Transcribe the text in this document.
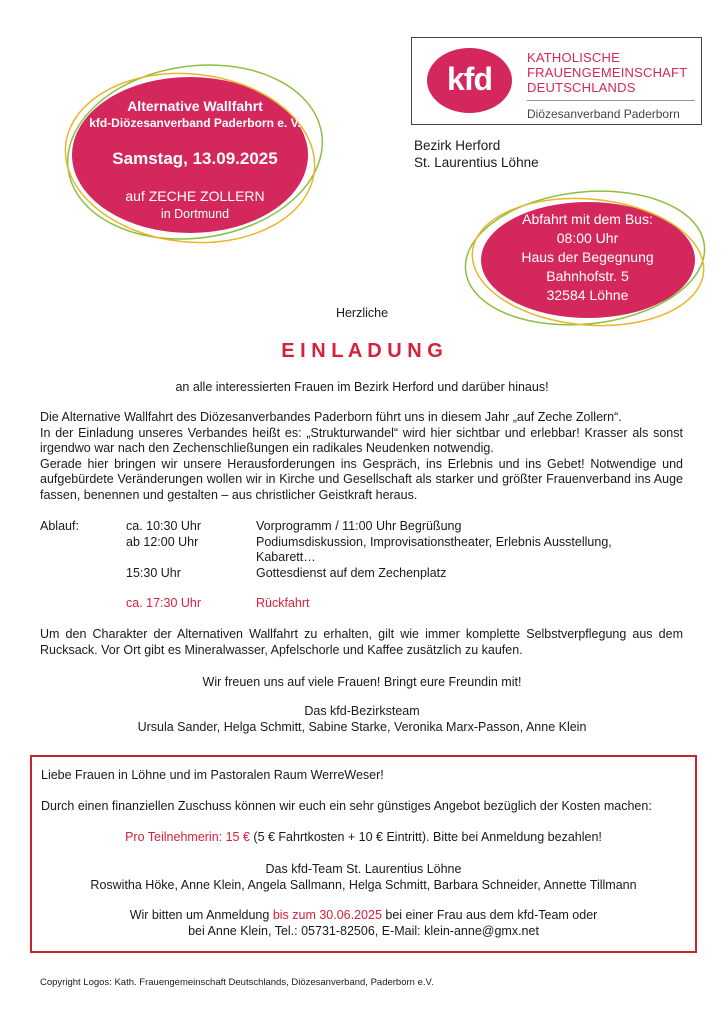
Alternative Wallfahrt
kfd-Diözesanverband Paderborn e. V.
Samstag, 13.09.2025
auf ZECHE ZOLLERN
in Dortmund
kfd
KATHOLISCHE
FRAUENGEMEINSCHAFT
DEUTSCHLANDS
Diözesanverband Paderborn
Bezirk Herford
St. Laurentius Löhne
Abfahrt mit dem Bus:
08:00 Uhr
Haus der Begegnung
Bahnhofstr. 5
32584 Löhne
Herzliche
E I N L A D U N G
an alle interessierten Frauen im Bezirk Herford und darüber hinaus!
Die Alternative Wallfahrt des Diözesanverbandes Paderborn führt uns in diesem Jahr „auf Zeche Zollern“.
In der Einladung unseres Verbandes heißt es: „Strukturwandel“ wird hier sichtbar und erlebbar! Krasser als sonst irgendwo war nach den Zechenschließungen ein radikales Neudenken notwendig.
Gerade hier bringen wir unsere Herausforderungen ins Gespräch, ins Erlebnis und ins Gebet! Notwendige und aufgebürdete Veränderungen wollen wir in Kirche und Gesellschaft als starker und größter Frauenverband ins Auge fassen, benennen und gestalten – aus christlicher Geistkraft heraus.
Ablauf:	ca. 10:30 Uhr	Vorprogramm / 11:00 Uhr Begrüßung
ab 12:00 Uhr	Podiumsdiskussion, Improvisationstheater, Erlebnis Ausstellung, Kabarett…
15:30 Uhr	Gottesdienst auf dem Zechenplatz
ca. 17:30 Uhr	Rückfahrt
Um den Charakter der Alternativen Wallfahrt zu erhalten, gilt wie immer komplette Selbstverpflegung aus dem Rucksack. Vor Ort gibt es Mineralwasser, Apfelschorle und Kaffee zusätzlich zu kaufen.
Wir freuen uns auf viele Frauen! Bringt eure Freundin mit!
Das kfd-Bezirksteam
Ursula Sander, Helga Schmitt, Sabine Starke, Veronika Marx-Passon, Anne Klein
Liebe Frauen in Löhne und im Pastoralen Raum WerreWeser!
Durch einen finanziellen Zuschuss können wir euch ein sehr günstiges Angebot bezüglich der Kosten machen:
Pro Teilnehmerin: 15 € (5 € Fahrtkosten + 10 € Eintritt). Bitte bei Anmeldung bezahlen!
Das kfd-Team St. Laurentius Löhne
Roswitha Höke, Anne Klein, Angela Sallmann, Helga Schmitt, Barbara Schneider, Annette Tillmann
Wir bitten um Anmeldung bis zum 30.06.2025 bei einer Frau aus dem kfd-Team oder
bei Anne Klein, Tel.: 05731-82506, E-Mail: klein-anne@gmx.net
Copyright Logos: Kath. Frauengemeinschaft Deutschlands, Diözesanverband, Paderborn e.V.
